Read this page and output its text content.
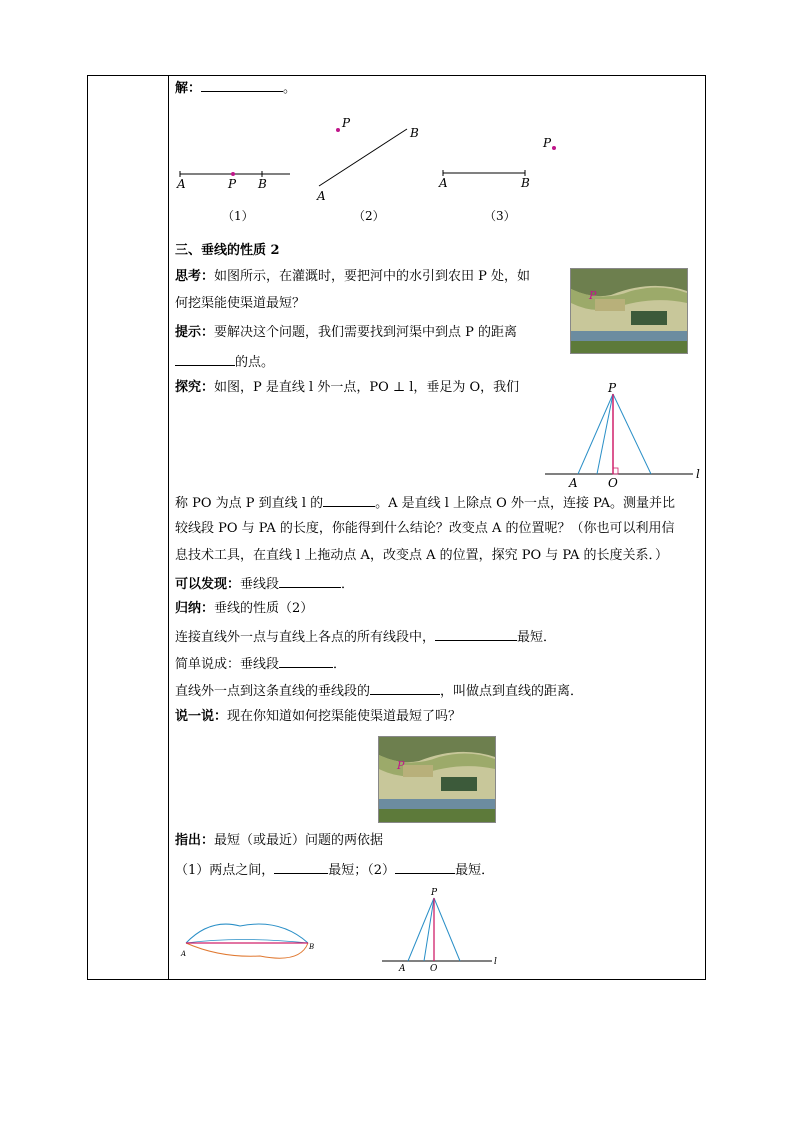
解：	。
A	P B
（1）
P
B
A
（2）
P
A	B
（3）
三、垂线的性质 2
思考：如图所示，在灌溉时，要把河中的水引到农田 P 处，如
何挖渠能使渠道最短？
提示：要解决这个问题，我们需要找到河渠中到点 P 的距离
的点。
P
探究：如图，P 是直线 l 外一点，PO ⊥ l，垂足为 O，我们	P
A	O
l
称 PO 为点 P 到直线 l 的	。A 是直线 l 上除点 O 外一点，连接 PA。测量并比
较线段 PO 与 PA 的长度，你能得到什么结论？改变点 A 的位置呢？（你也可以利用信
息技术工具，在直线 l 上拖动点 A，改变点 A 的位置，探究 PO 与 PA 的长度关系．）
可以发现：垂线段	．
归纳：垂线的性质（2）
连接直线外一点与直线上各点的所有线段中，	最短．
简单说成：垂线段	．
直线外一点到这条直线的垂线段的	，叫做点到直线的距离．
说一说：现在你知道如何挖渠能使渠道最短了吗？
P
指出：最短（或最近）问题的两依据
（1）两点之间，	最短；（2）	最短．
A
B
P
A	O
l
